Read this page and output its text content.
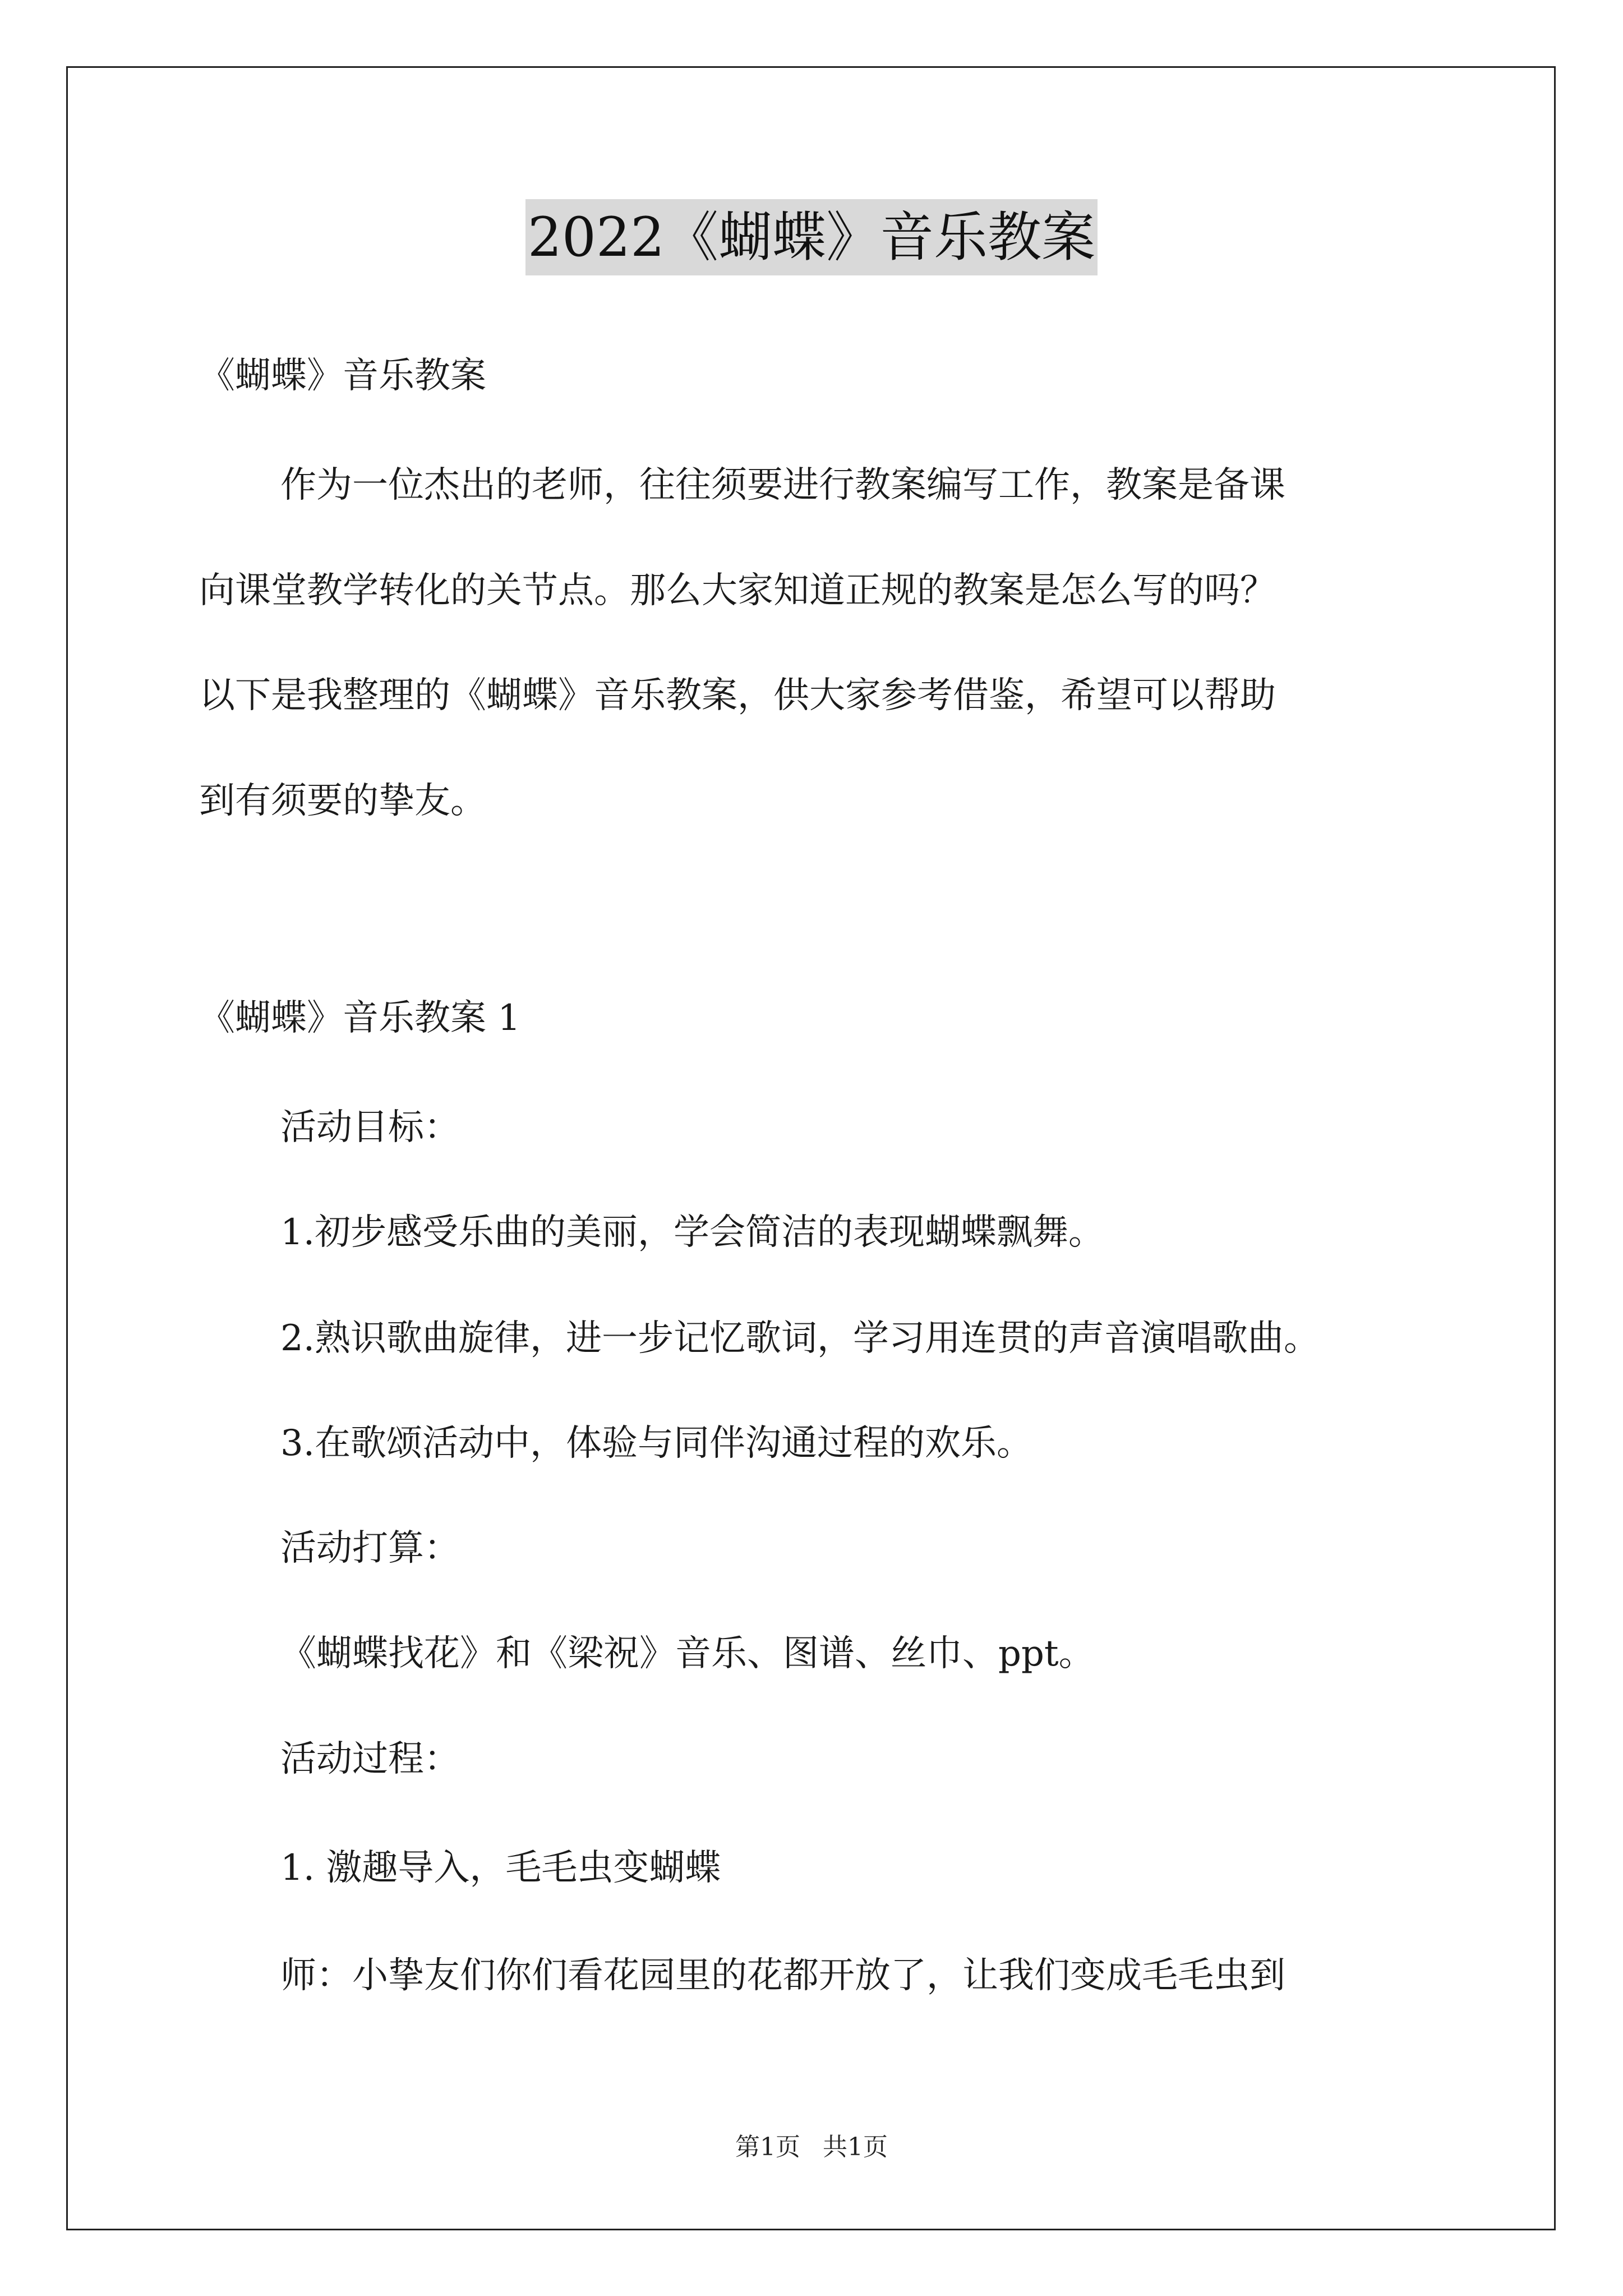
2022《蝴蝶》音乐教案
《蝴蝶》音乐教案
作为一位杰出的老师，往往须要进行教案编写工作，教案是备课
向课堂教学转化的关节点。那么大家知道正规的教案是怎么写的吗？
以下是我整理的《蝴蝶》音乐教案，供大家参考借鉴，希望可以帮助
到有须要的挚友。
《蝴蝶》音乐教案 1
活动目标：
1.初步感受乐曲的美丽，学会简洁的表现蝴蝶飘舞。
2.熟识歌曲旋律，进一步记忆歌词，学习用连贯的声音演唱歌曲。
3.在歌颂活动中，体验与同伴沟通过程的欢乐。
活动打算：
《蝴蝶找花》和《梁祝》音乐、图谱、丝巾、ppt。
活动过程：
1. 激趣导入，毛毛虫变蝴蝶
师：小挚友们你们看花园里的花都开放了，让我们变成毛毛虫到
第1页 共1页
